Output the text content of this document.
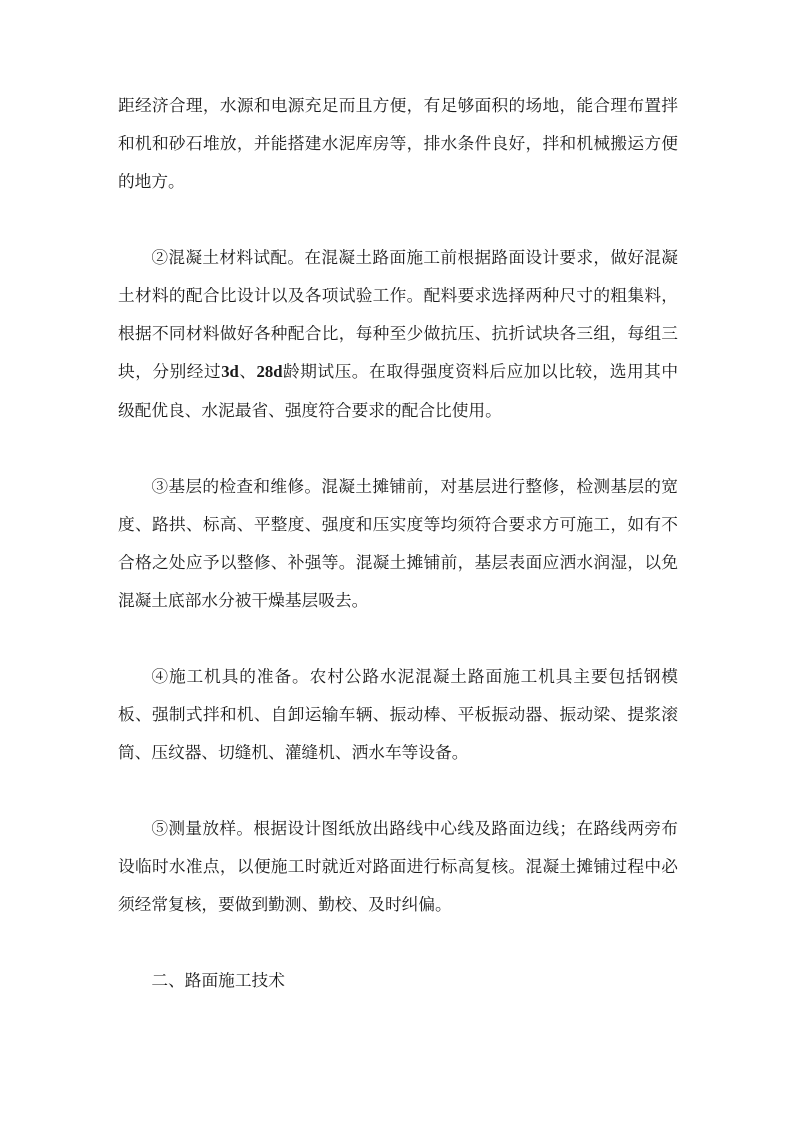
距经济合理，水源和电源充足而且方便，有足够面积的场地，能合理布置拌和机和砂石堆放，并能搭建水泥库房等，排水条件良好，拌和机械搬运方便的地方。

②混凝土材料试配。在混凝土路面施工前根据路面设计要求，做好混凝土材料的配合比设计以及各项试验工作。配料要求选择两种尺寸的粗集料，根据不同材料做好各种配合比，每种至少做抗压、抗折试块各三组，每组三块，分别经过3d、28d龄期试压。在取得强度资料后应加以比较，选用其中级配优良、水泥最省、强度符合要求的配合比使用。

③基层的检查和维修。混凝土摊铺前，对基层进行整修，检测基层的宽度、路拱、标高、平整度、强度和压实度等均须符合要求方可施工，如有不合格之处应予以整修、补强等。混凝土摊铺前，基层表面应洒水润湿，以免混凝土底部水分被干燥基层吸去。

④施工机具的准备。农村公路水泥混凝土路面施工机具主要包括钢模板、强制式拌和机、自卸运输车辆、振动棒、平板振动器、振动梁、提浆滚筒、压纹器、切缝机、灌缝机、洒水车等设备。

⑤测量放样。根据设计图纸放出路线中心线及路面边线；在路线两旁布设临时水准点，以便施工时就近对路面进行标高复核。混凝土摊铺过程中必须经常复核，要做到勤测、勤校、及时纠偏。

二、路面施工技术
